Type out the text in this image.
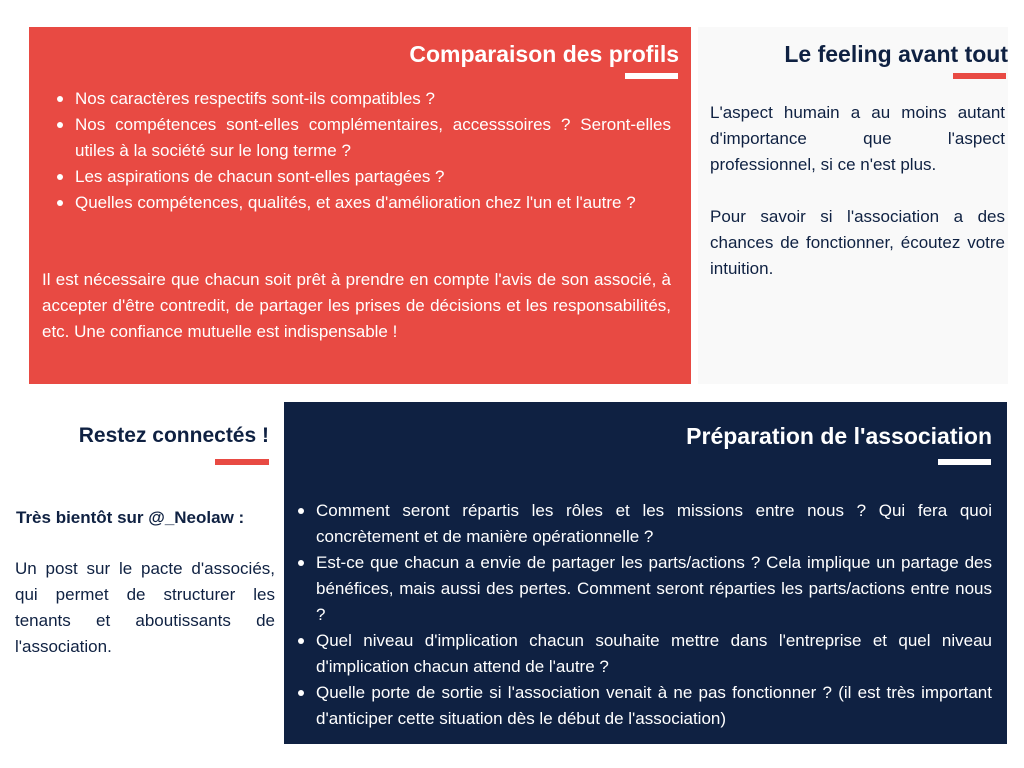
Comparaison des profils
Nos caractères respectifs sont-ils compatibles ?
Nos compétences sont-elles complémentaires, accesssoires ? Seront-elles utiles à la société sur le long terme ?
Les aspirations de chacun sont-elles partagées ?
Quelles compétences, qualités, et axes d'amélioration chez l'un et l'autre ?

Il est nécessaire que chacun soit prêt à prendre en compte l'avis de son associé, à accepter d'être contredit, de partager les prises de décisions et les responsabilités, etc. Une confiance mutuelle est indispensable !

Le feeling avant tout

L'aspect humain a au moins autant d'importance que l'aspect professionnel, si ce n'est plus.

Pour savoir si l'association a des chances de fonctionner, écoutez votre intuition.

Restez connectés !
Très bientôt sur @_Neolaw :

Un post sur le pacte d'associés, qui permet de structurer les tenants et aboutissants de l'association.

Préparation de l'association
Comment seront répartis les rôles et les missions entre nous ? Qui fera quoi concrètement et de manière opérationnelle ?
Est-ce que chacun a envie de partager les parts/actions ? Cela implique un partage des bénéfices, mais aussi des pertes. Comment seront réparties les parts/actions entre nous ?
Quel niveau d'implication chacun souhaite mettre dans l'entreprise et quel niveau d'implication chacun attend de l'autre ?
Quelle porte de sortie si l'association venait à ne pas fonctionner ? (il est très important d'anticiper cette situation dès le début de l'association)
